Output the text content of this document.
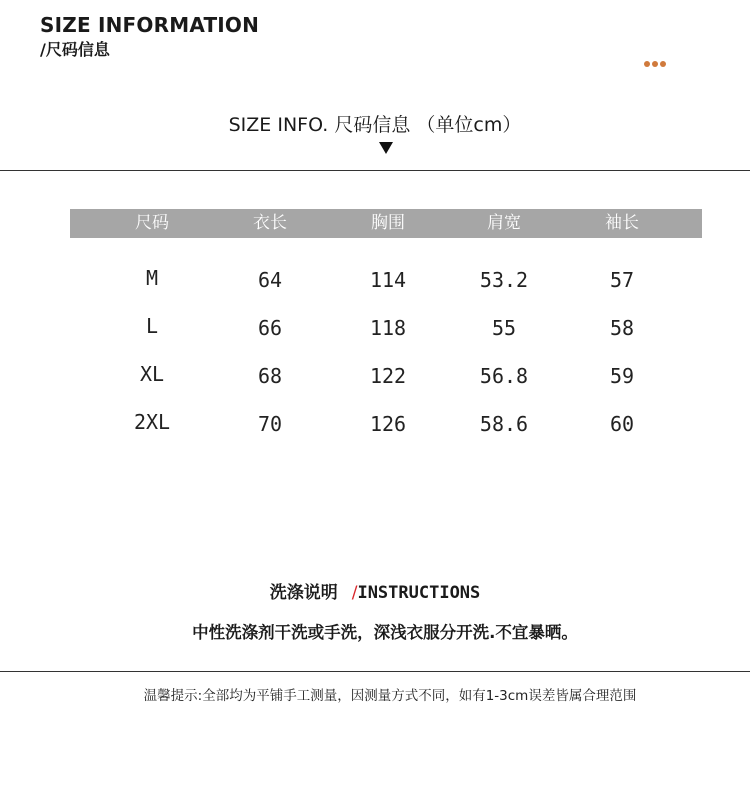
SIZE INFORMATION
/尺码信息
SIZE INFO. 尺码信息 （单位cm）
尺码	衣长	胸围	肩宽	袖长
M	64	114	53.2	57
L	66	118	55	58
XL	68	122	56.8	59
2XL	70	126	58.6	60
洗涤说明 /INSTRUCTIONS
中性洗涤剂干洗或手洗，深浅衣服分开洗.不宜暴晒。
温馨提示:全部均为平铺手工测量，因测量方式不同，如有1-3cm误差皆属合理范围
